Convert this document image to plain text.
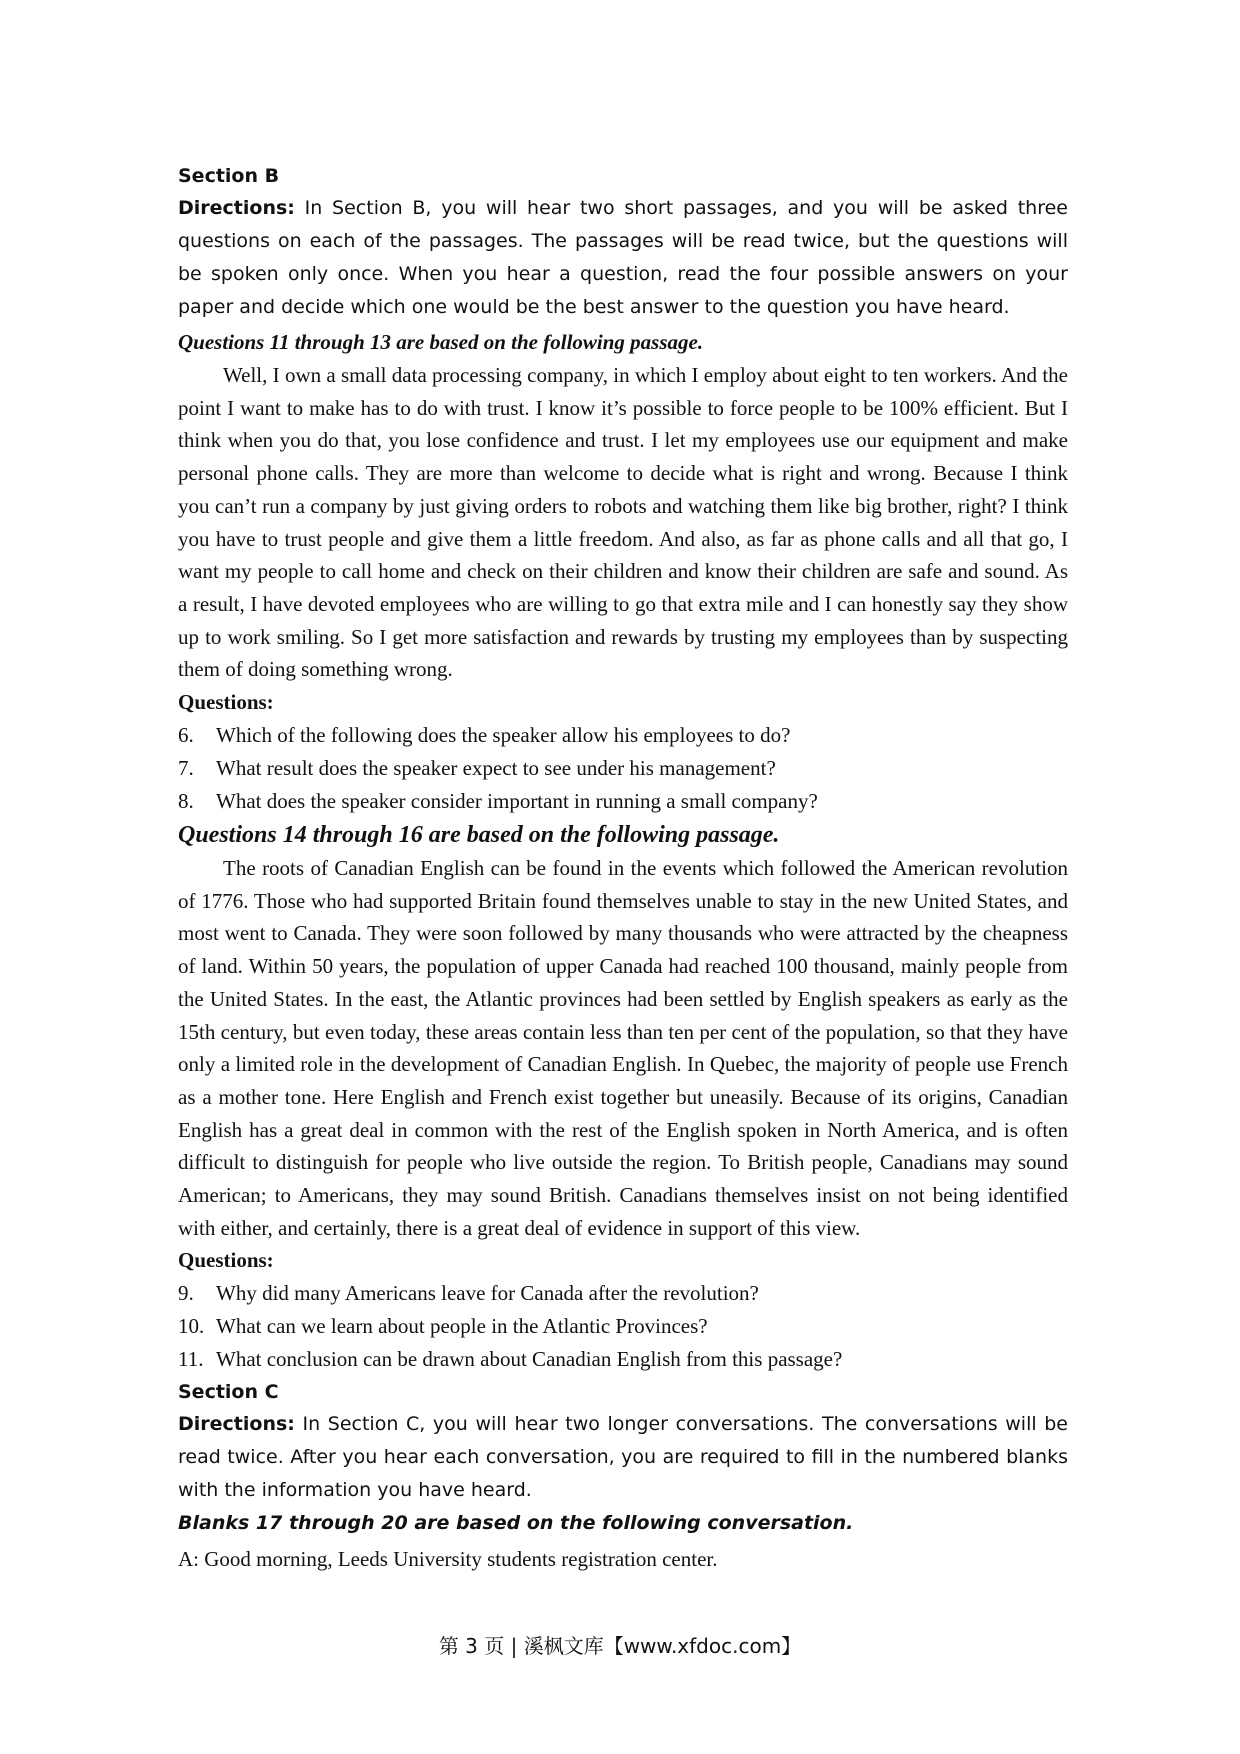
Section B

Directions: In Section B, you will hear two short passages, and you will be asked three questions on each of the passages. The passages will be read twice, but the questions will be spoken only once. When you hear a question, read the four possible answers on your paper and decide which one would be the best answer to the question you have heard.

Questions 11 through 13 are based on the following passage.

Well, I own a small data processing company, in which I employ about eight to ten workers. And the point I want to make has to do with trust. I know it’s possible to force people to be 100% efficient. But I think when you do that, you lose confidence and trust. I let my employees use our equipment and make personal phone calls. They are more than welcome to decide what is right and wrong. Because I think you can’t run a company by just giving orders to robots and watching them like big brother, right? I think you have to trust people and give them a little freedom. And also, as far as phone calls and all that go, I want my people to call home and check on their children and know their children are safe and sound. As a result, I have devoted employees who are willing to go that extra mile and I can honestly say they show up to work smiling. So I get more satisfaction and rewards by trusting my employees than by suspecting them of doing something wrong.

Questions:

6.	Which of the following does the speaker allow his employees to do?
7.	What result does the speaker expect to see under his management?
8.	What does the speaker consider important in running a small company?

Questions 14 through 16 are based on the following passage.

The roots of Canadian English can be found in the events which followed the American revolution of 1776. Those who had supported Britain found themselves unable to stay in the new United States, and most went to Canada. They were soon followed by many thousands who were attracted by the cheapness of land. Within 50 years, the population of upper Canada had reached 100 thousand, mainly people from the United States. In the east, the Atlantic provinces had been settled by English speakers as early as the 15th century, but even today, these areas contain less than ten per cent of the population, so that they have only a limited role in the development of Canadian English. In Quebec, the majority of people use French as a mother tone. Here English and French exist together but uneasily. Because of its origins, Canadian English has a great deal in common with the rest of the English spoken in North America, and is often difficult to distinguish for people who live outside the region. To British people, Canadians may sound American; to Americans, they may sound British. Canadians themselves insist on not being identified with either, and certainly, there is a great deal of evidence in support of this view.

Questions:

9.	Why did many Americans leave for Canada after the revolution?
10. What can we learn about people in the Atlantic Provinces?
11. What conclusion can be drawn about Canadian English from this passage?

Section C

Directions: In Section C, you will hear two longer conversations. The conversations will be read twice. After you hear each conversation, you are required to fill in the numbered blanks with the information you have heard.

Blanks 17 through 20 are based on the following conversation.

A: Good morning, Leeds University students registration center.

第 3 页 | 溪枫文库【www.xfdoc.com】
